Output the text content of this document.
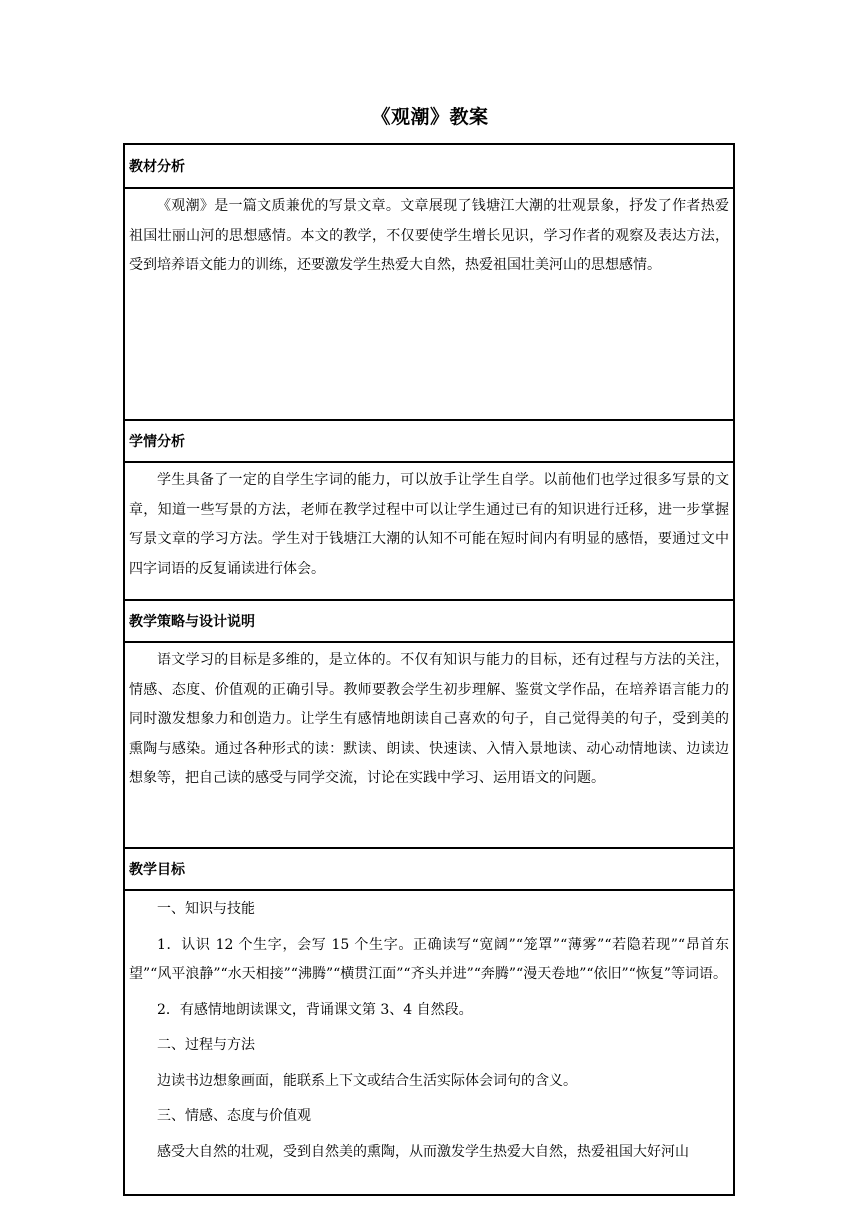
《观潮》教案
教材分析

《观潮》是一篇文质兼优的写景文章。文章展现了钱塘江大潮的壮观景象，抒发了作者热爱祖国壮丽山河的思想感情。本文的教学，不仅要使学生增长见识，学习作者的观察及表达方法，受到培养语文能力的训练，还要激发学生热爱大自然，热爱祖国壮美河山的思想感情。

学情分析

学生具备了一定的自学生字词的能力，可以放手让学生自学。以前他们也学过很多写景的文章，知道一些写景的方法，老师在教学过程中可以让学生通过已有的知识进行迁移，进一步掌握写景文章的学习方法。学生对于钱塘江大潮的认知不可能在短时间内有明显的感悟，要通过文中四字词语的反复诵读进行体会。

教学策略与设计说明

语文学习的目标是多维的，是立体的。不仅有知识与能力的目标，还有过程与方法的关注，情感、态度、价值观的正确引导。教师要教会学生初步理解、鉴赏文学作品，在培养语言能力的同时激发想象力和创造力。让学生有感情地朗读自己喜欢的句子，自己觉得美的句子，受到美的熏陶与感染。通过各种形式的读：默读、朗读、快速读、入情入景地读、动心动情地读、边读边想象等，把自己读的感受与同学交流，讨论在实践中学习、运用语文的问题。

教学目标

一、知识与技能

1．认识 12 个生字，会写 15 个生字。正确读写“宽阔”“笼罩”“薄雾”“若隐若现”“昂首东望”“风平浪静”“水天相接”“沸腾”“横贯江面”“齐头并进”“奔腾”“漫天卷地”“依旧”“恢复”等词语。

2．有感情地朗读课文，背诵课文第 3、4 自然段。

二、过程与方法

边读书边想象画面，能联系上下文或结合生活实际体会词句的含义。

三、情感、态度与价值观

感受大自然的壮观，受到自然美的熏陶，从而激发学生热爱大自然，热爱祖国大好河山
